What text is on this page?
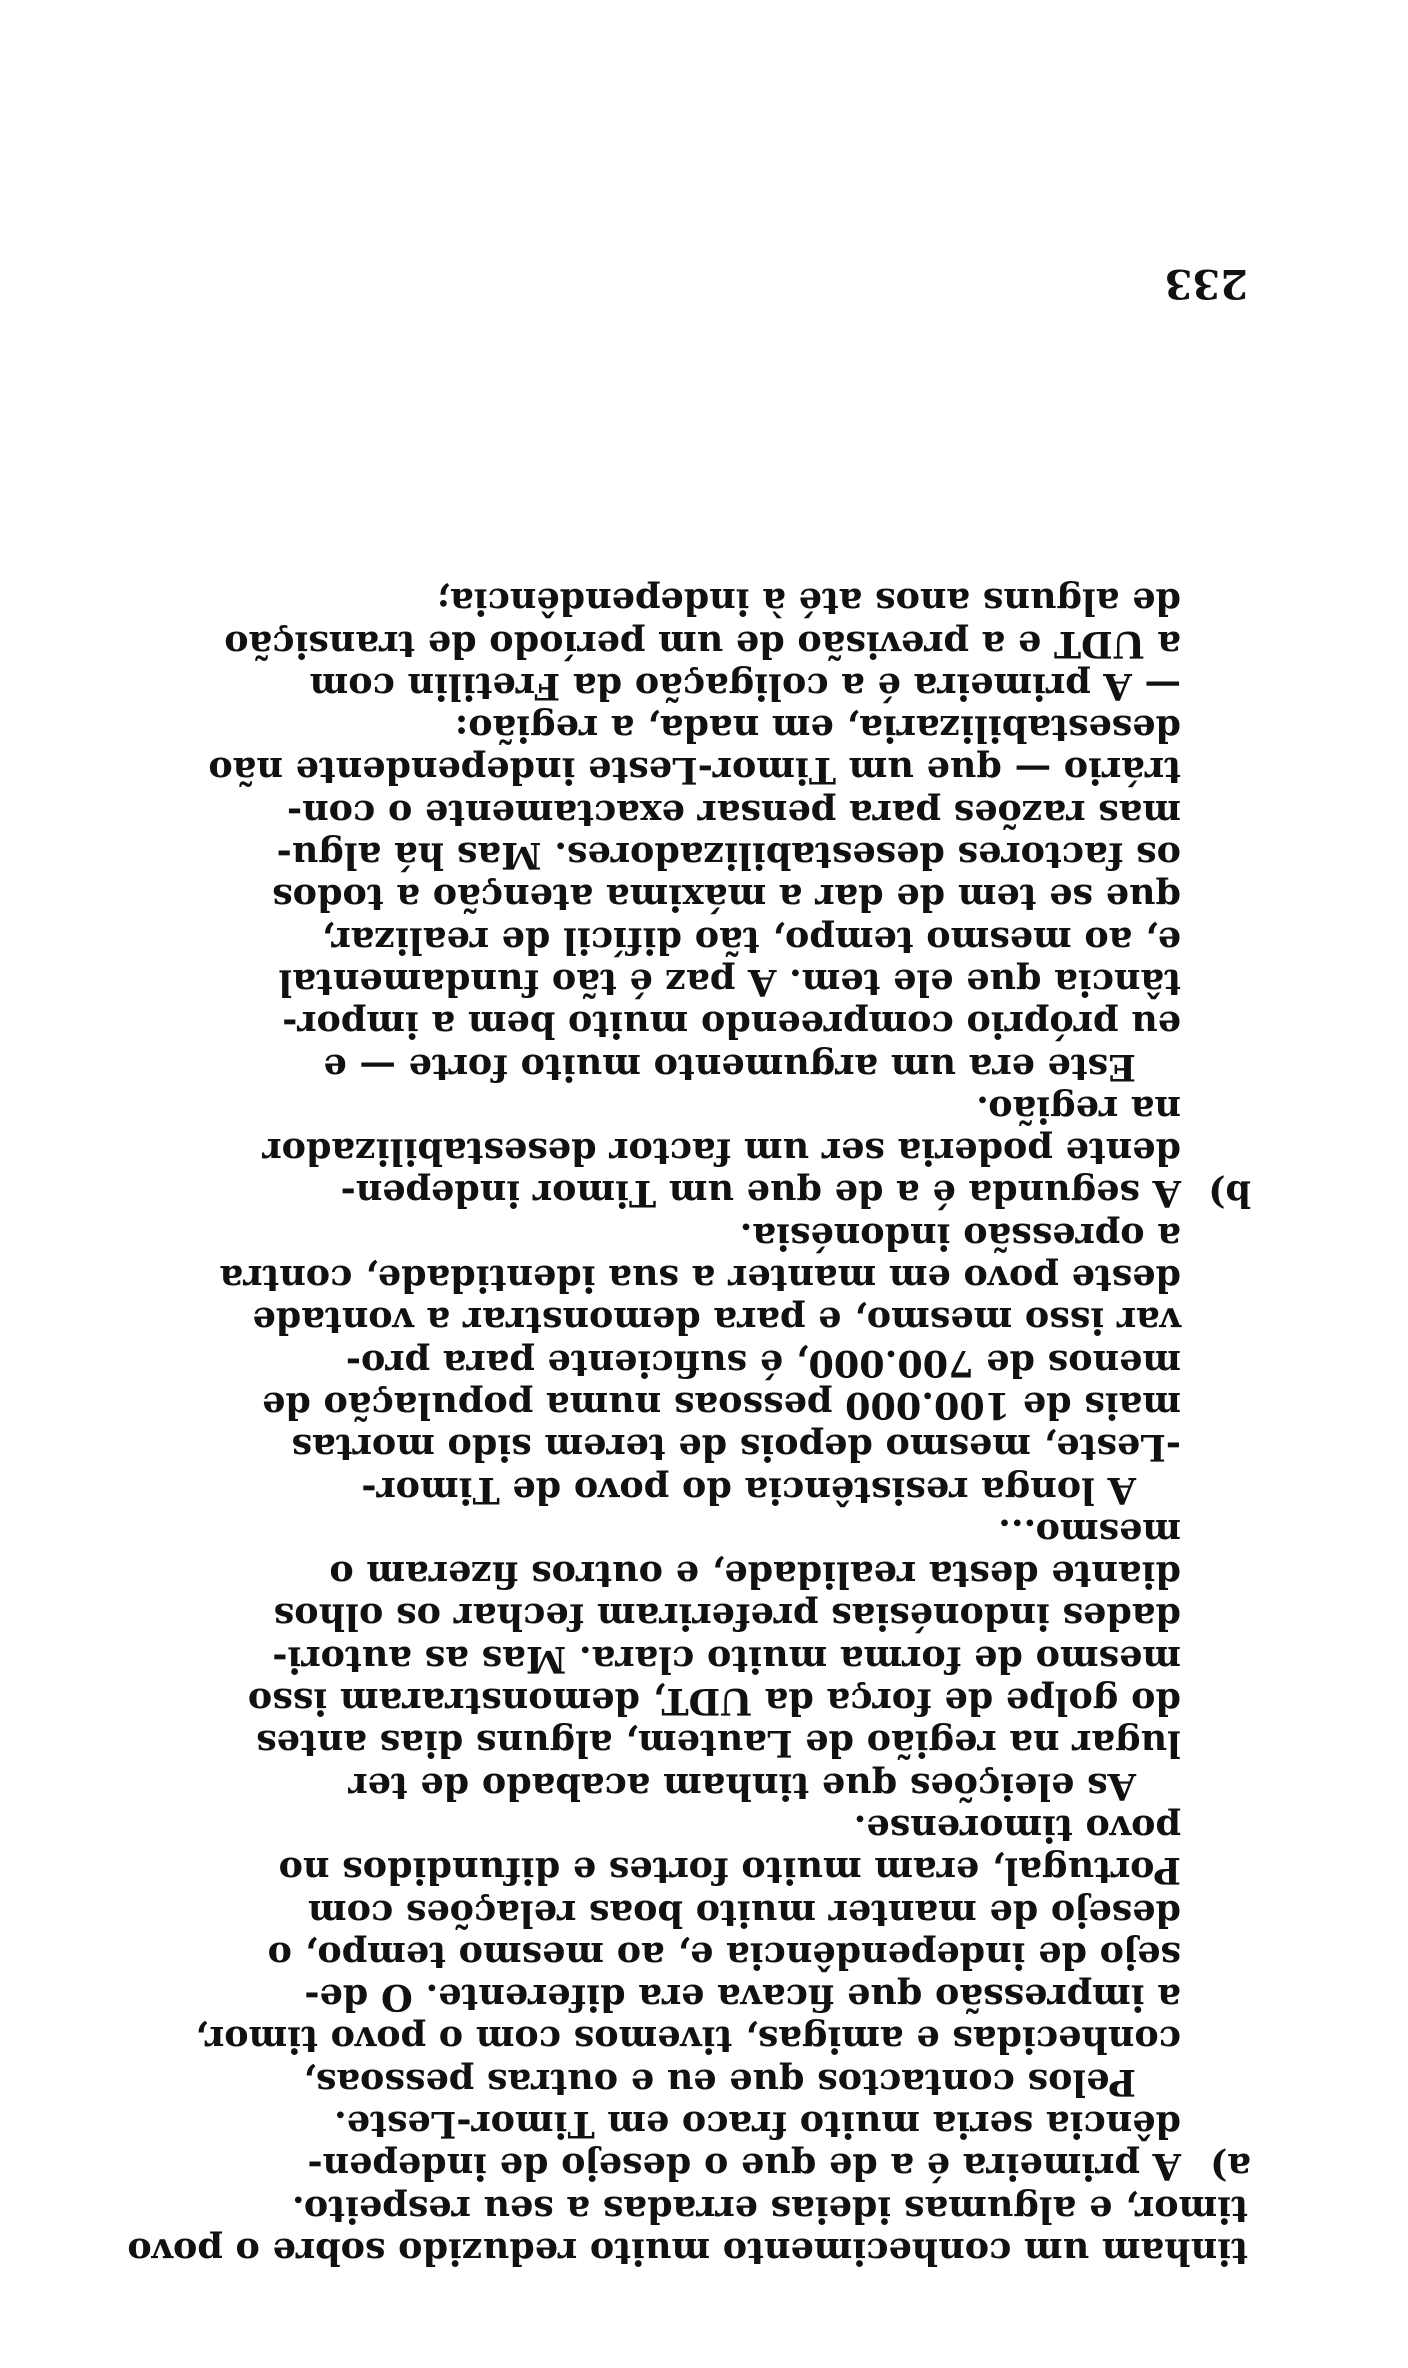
tinham um conhecimento muito reduzido sobre o povo
timor, e algumas ideias erradas a seu respeito.
a)
A primeira é a de que o desejo de indepen-
dência seria muito fraco em Timor-Leste.
Pelos contactos que eu e outras pessoas,
conhecidas e amigas, tivemos com o povo timor,
a impressão que ficava era diferente. O de-
sejo de independência e, ao mesmo tempo, o
desejo de manter muito boas relações com
Portugal, eram muito fortes e difundidos no
povo timorense.
As eleições que tinham acabado de ter
lugar na região de Lautem, alguns dias antes
do golpe de força da UDT, demonstraram isso
mesmo de forma muito clara. Mas as autori-
dades indonésias preferiram fechar os olhos
diante desta realidade, e outros fizeram o
mesmo...
A longa resistência do povo de Timor-
-Leste, mesmo depois de terem sido mortas
mais de 100.000 pessoas numa população de
menos de 700.000, é suficiente para pro-
var isso mesmo, e para demonstrar a vontade
deste povo em manter a sua identidade, contra
a opressão indonésia.
b)
A segunda é a de que um Timor indepen-
dente poderia ser um factor desestabilizador
na região.
Este era um argumento muito forte — e
eu próprio compreendo muito bem a impor-
tância que ele tem. A paz é tão fundamental
e, ao mesmo tempo, tão difícil de realizar,
que se tem de dar a máxima atenção a todos
os factores desestabilizadores. Mas há algu-
mas razões para pensar exactamente o con-
trário — que um Timor-Leste independente não
desestabilizaria, em nada, a região:
— A primeira é a coligação da Fretilin com
a UDT e a previsão de um período de transição
de alguns anos até à independência;
233
